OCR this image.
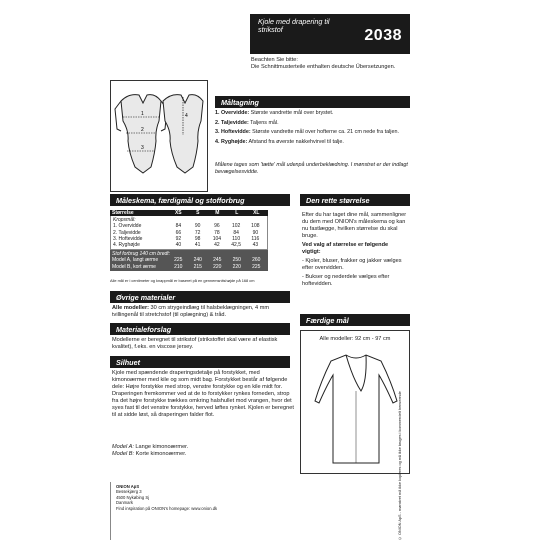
Kjole med drapering til strikstof	2038
Beachten Sie bitte:
Die Schnittmusterteile enthalten deutsche Übersetzungen.
1
2
3
4
Måltagning
1. Overvidde: Største vandrette mål over brystet.
2. Taljevidde: Taljens mål.
3. Hoftevidde: Største vandrette mål over hofterne ca. 21 cm nede fra taljen.
4. Ryghøjde: Afstand fra øverste nakkehvirvel til talje.
Målene tages som 'tætte' mål udenpå underbeklædning. I mønstret er der indlagt bevægelsesvidde.
Måleskema, færdigmål og stofforbrug	Den rette størrelse
Størrelse	XS	S	M	L	XL
Kropsmål:
1. Overvidde	84	90	96	102	108
2. Taljevidde	66	72	78	84	90
3. Hoftevidde	92	98	104	110	116
4. Ryghøjde	40	41	42	42,5	43
Stof forbrug 140 cm bredt:
Model A, langt ærme	225	240	245	250	260
Model B, kort ærme	210	215	220	220	225
Alle mål er i centimeter og knappmål er baseret på en gennemsnitshøjde på 168 cm
Efter du har taget dine mål, sammenligner du dem med ONION's måleskema og kan nu fastlægge, hvilken størrelse du skal bruge.
Ved valg af størrelse er følgende vigtigt:
- Kjoler, bluser, frakker og jakker vælges efter overvidden.
- Bukser og nederdele vælges efter hoftevidden.
Øvrige materialer
Alle modeller: 30 cm strygeindlæg til halsbeklægningen, 4 mm tvillingenål til stretchstof (til oplægning) & tråd.
Materialeforslag
Modellerne er beregnet til strikstof (strikstoffet skal være af elastisk kvalitet), f.eks. en viscose jersey.
Silhuet
Kjole med spændende draperingsdetalje på forstykket, med kimonoærmer med kile og som midt bag. Forstykket består af følgende dele: Højre forstykke med strop, venstre forstykke og en kile midt for. Draperingen fremkommer ved at de to forstykker rynkes forneden, strop fra det højre forstykke trækkes omkring halshullet mod vrangen, hvor det syes fast til det venstre forstykke, herved løftes rynket. Kjolen er beregnet til at sidde løst, så draperingen falder flot.
Model A: Lange kimonoærmer.
Model B: Korte kimonoærmer.
Færdige mål
Alle modeller: 92 cm - 97 cm
ONION ApS
Bessekjærg 3
4500 Nykøbing Sj
Danmark
Find inspiration på ONION's homepage: www.onion.dk	© ONION ApS - mønstret må ikke kopieres og må ikke bruges i kommercielt henseende
